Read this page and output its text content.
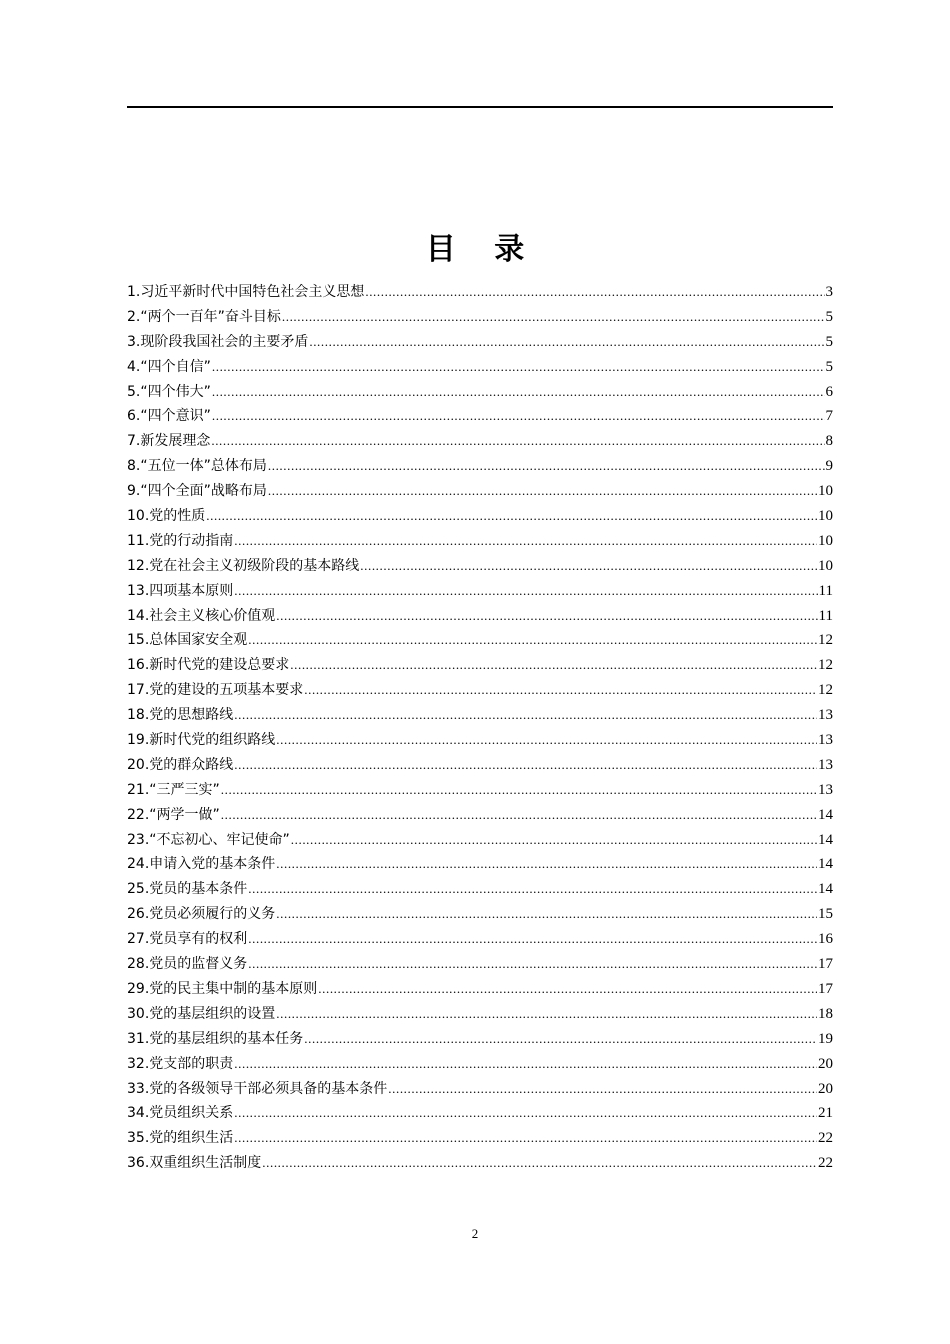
目 录
1.习近平新时代中国特色社会主义思想 .....	3
2.“两个一百年”奋斗目标 .....	5
3.现阶段我国社会的主要矛盾 .....	5
4.“四个自信” .....	5
5.“四个伟大” .....	6
6.“四个意识” .....	7
7.新发展理念 .....	8
8.“五位一体”总体布局 .....	9
9.“四个全面”战略布局 .....	10
10.党的性质 .....	10
11.党的行动指南 .....	10
12.党在社会主义初级阶段的基本路线 .....	10
13.四项基本原则 .....	11
14.社会主义核心价值观 .....	11
15.总体国家安全观 .....	12
16.新时代党的建设总要求 .....	12
17.党的建设的五项基本要求 .....	12
18.党的思想路线 .....	13
19.新时代党的组织路线 .....	13
20.党的群众路线 .....	13
21.“三严三实” .....	13
22.“两学一做” .....	14
23.“不忘初心、牢记使命” .....	14
24.申请入党的基本条件 .....	14
25.党员的基本条件 .....	14
26.党员必须履行的义务 .....	15
27.党员享有的权利 .....	16
28.党员的监督义务 .....	17
29.党的民主集中制的基本原则 .....	17
30.党的基层组织的设置 .....	18
31.党的基层组织的基本任务 .....	19
32.党支部的职责 .....	20
33.党的各级领导干部必须具备的基本条件 .....	20
34.党员组织关系 .....	21
35.党的组织生活 .....	22
36.双重组织生活制度 .....	22
2
